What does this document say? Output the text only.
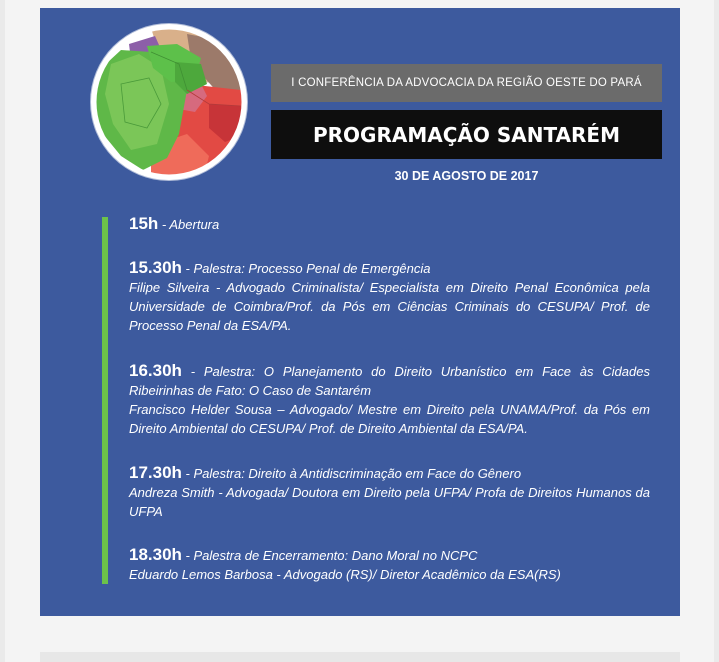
I CONFERÊNCIA DA ADVOCACIA DA REGIÃO OESTE DO PARÁ
PROGRAMAÇÃO SANTARÉM
30 DE AGOSTO DE 2017
15h - Abertura
15.30h - Palestra: Processo Penal de Emergência
Filipe Silveira - Advogado Criminalista/ Especialista em Direito Penal Econômica pela Universidade de Coimbra/Prof. da Pós em Ciências Criminais do CESUPA/ Prof. de Processo Penal da ESA/PA.
16.30h - Palestra: O Planejamento do Direito Urbanístico em Face às Cidades Ribeirinhas de Fato: O Caso de Santarém
Francisco Helder Sousa – Advogado/ Mestre em Direito pela UNAMA/Prof. da Pós em Direito Ambiental do CESUPA/ Prof. de Direito Ambiental da ESA/PA.
17.30h - Palestra: Direito à Antidiscriminação em Face do Gênero
Andreza Smith - Advogada/ Doutora em Direito pela UFPA/ Profa de Direitos Humanos da UFPA
18.30h - Palestra de Encerramento: Dano Moral no NCPC
Eduardo Lemos Barbosa - Advogado (RS)/ Diretor Acadêmico da ESA(RS)
